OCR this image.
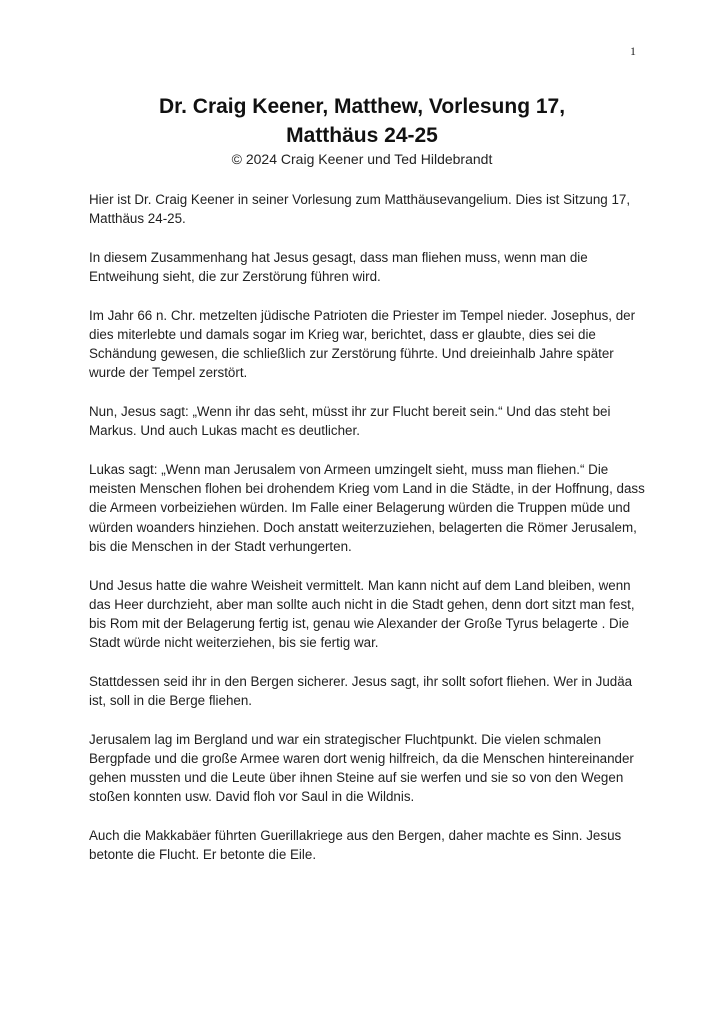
1
Dr. Craig Keener, Matthew, Vorlesung 17,
Matthäus 24-25
© 2024 Craig Keener und Ted Hildebrandt

Hier ist Dr. Craig Keener in seiner Vorlesung zum Matthäusevangelium. Dies ist Sitzung 17, Matthäus 24-25.

In diesem Zusammenhang hat Jesus gesagt, dass man fliehen muss, wenn man die Entweihung sieht, die zur Zerstörung führen wird.

Im Jahr 66 n. Chr. metzelten jüdische Patrioten die Priester im Tempel nieder. Josephus, der dies miterlebte und damals sogar im Krieg war, berichtet, dass er glaubte, dies sei die Schändung gewesen, die schließlich zur Zerstörung führte. Und dreieinhalb Jahre später wurde der Tempel zerstört.

Nun, Jesus sagt: „Wenn ihr das seht, müsst ihr zur Flucht bereit sein.“ Und das steht bei Markus. Und auch Lukas macht es deutlicher.

Lukas sagt: „Wenn man Jerusalem von Armeen umzingelt sieht, muss man fliehen.“ Die meisten Menschen flohen bei drohendem Krieg vom Land in die Städte, in der Hoffnung, dass die Armeen vorbeiziehen würden. Im Falle einer Belagerung würden die Truppen müde und würden woanders hinziehen. Doch anstatt weiterzuziehen, belagerten die Römer Jerusalem, bis die Menschen in der Stadt verhungerten.

Und Jesus hatte die wahre Weisheit vermittelt. Man kann nicht auf dem Land bleiben, wenn das Heer durchzieht, aber man sollte auch nicht in die Stadt gehen, denn dort sitzt man fest, bis Rom mit der Belagerung fertig ist, genau wie Alexander der Große Tyrus belagerte . Die Stadt würde nicht weiterziehen, bis sie fertig war.

Stattdessen seid ihr in den Bergen sicherer. Jesus sagt, ihr sollt sofort fliehen. Wer in Judäa ist, soll in die Berge fliehen.

Jerusalem lag im Bergland und war ein strategischer Fluchtpunkt. Die vielen schmalen Bergpfade und die große Armee waren dort wenig hilfreich, da die Menschen hintereinander gehen mussten und die Leute über ihnen Steine auf sie werfen und sie so von den Wegen stoßen konnten usw. David floh vor Saul in die Wildnis.

Auch die Makkabäer führten Guerillakriege aus den Bergen, daher machte es Sinn. Jesus betonte die Flucht. Er betonte die Eile.
